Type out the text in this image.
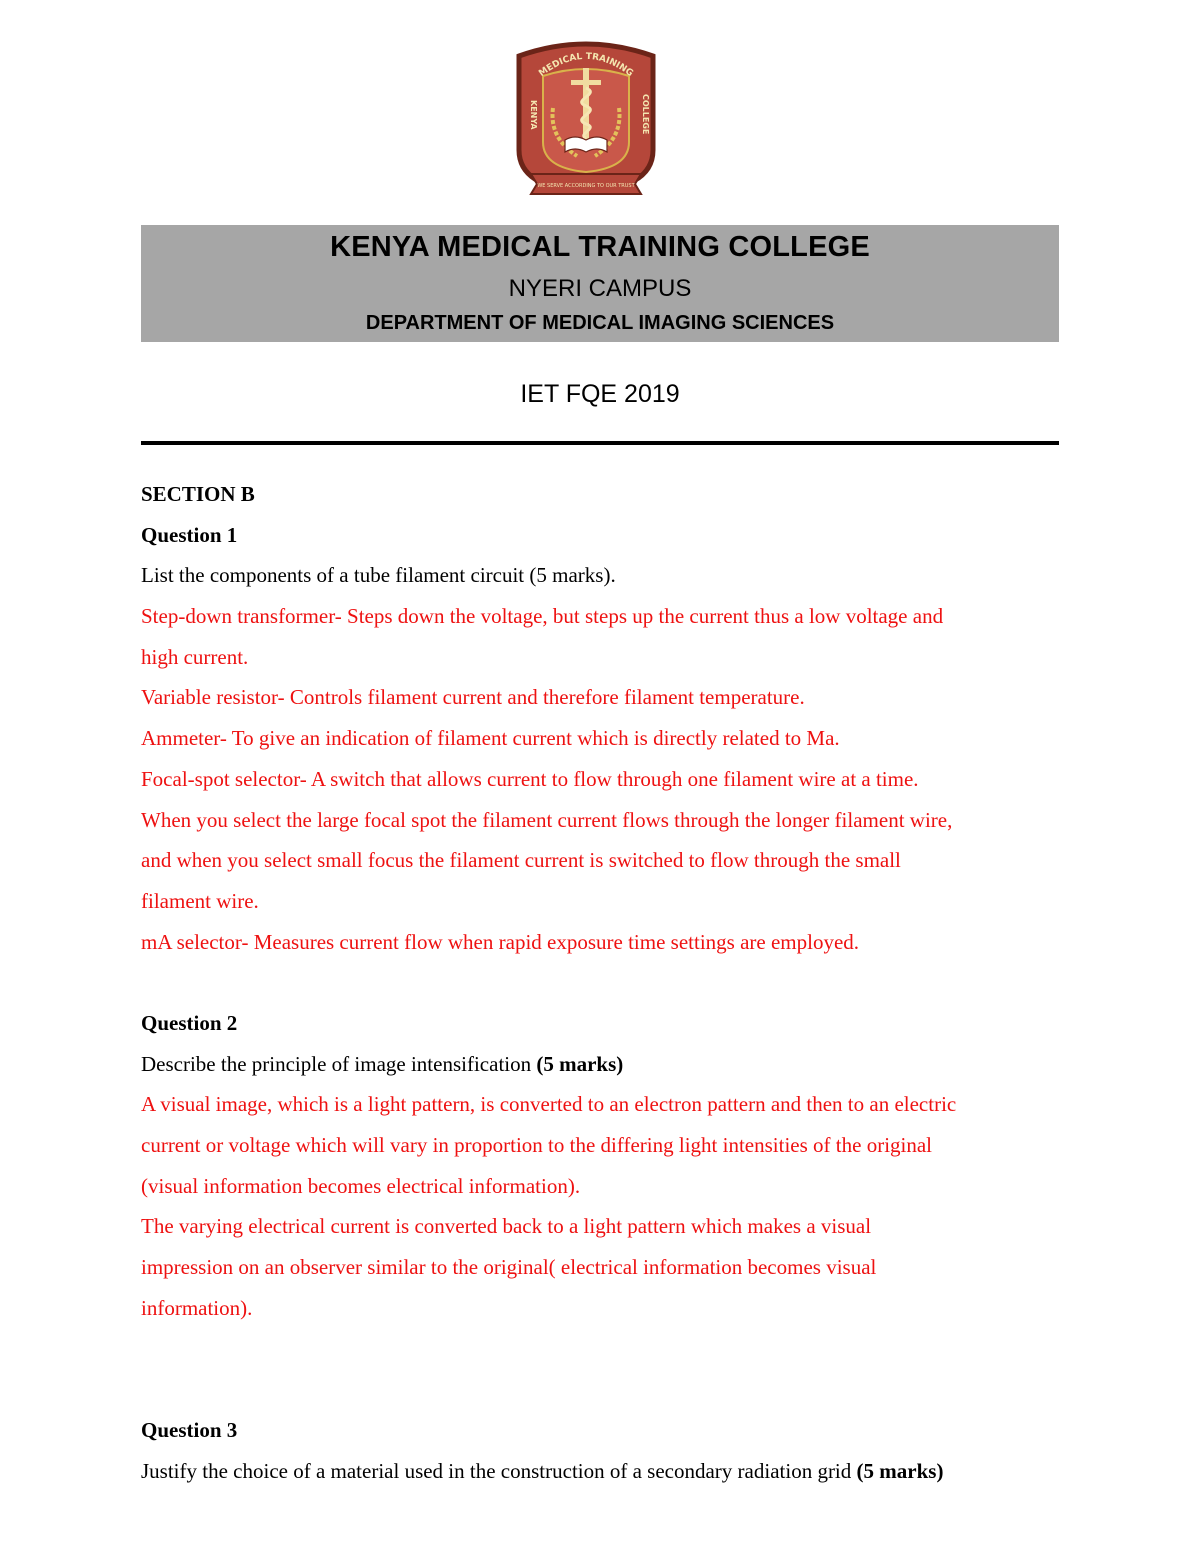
MEDICAL TRAINING
KENYA	COLLEGE
WE SERVE ACCORDING TO OUR TRUST
KENYA MEDICAL TRAINING COLLEGE
NYERI CAMPUS
DEPARTMENT OF MEDICAL IMAGING SCIENCES
IET FQE 2019
SECTION B
Question 1
List the components of a tube filament circuit (5 marks).
Step-down transformer- Steps down the voltage, but steps up the current thus a low voltage and
high current.
Variable resistor- Controls filament current and therefore filament temperature.
Ammeter- To give an indication of filament current which is directly related to Ma.
Focal-spot selector- A switch that allows current to flow through one filament wire at a time.
When you select the large focal spot the filament current flows through the longer filament wire,
and when you select small focus the filament current is switched to flow through the small
filament wire.
mA selector- Measures current flow when rapid exposure time settings are employed.
Question 2
Describe the principle of image intensification (5 marks)
A visual image, which is a light pattern, is converted to an electron pattern and then to an electric
current or voltage which will vary in proportion to the differing light intensities of the original
(visual information becomes electrical information).
The varying electrical current is converted back to a light pattern which makes a visual
impression on an observer similar to the original( electrical information becomes visual
information).
Question 3
Justify the choice of a material used in the construction of a secondary radiation grid (5 marks)
